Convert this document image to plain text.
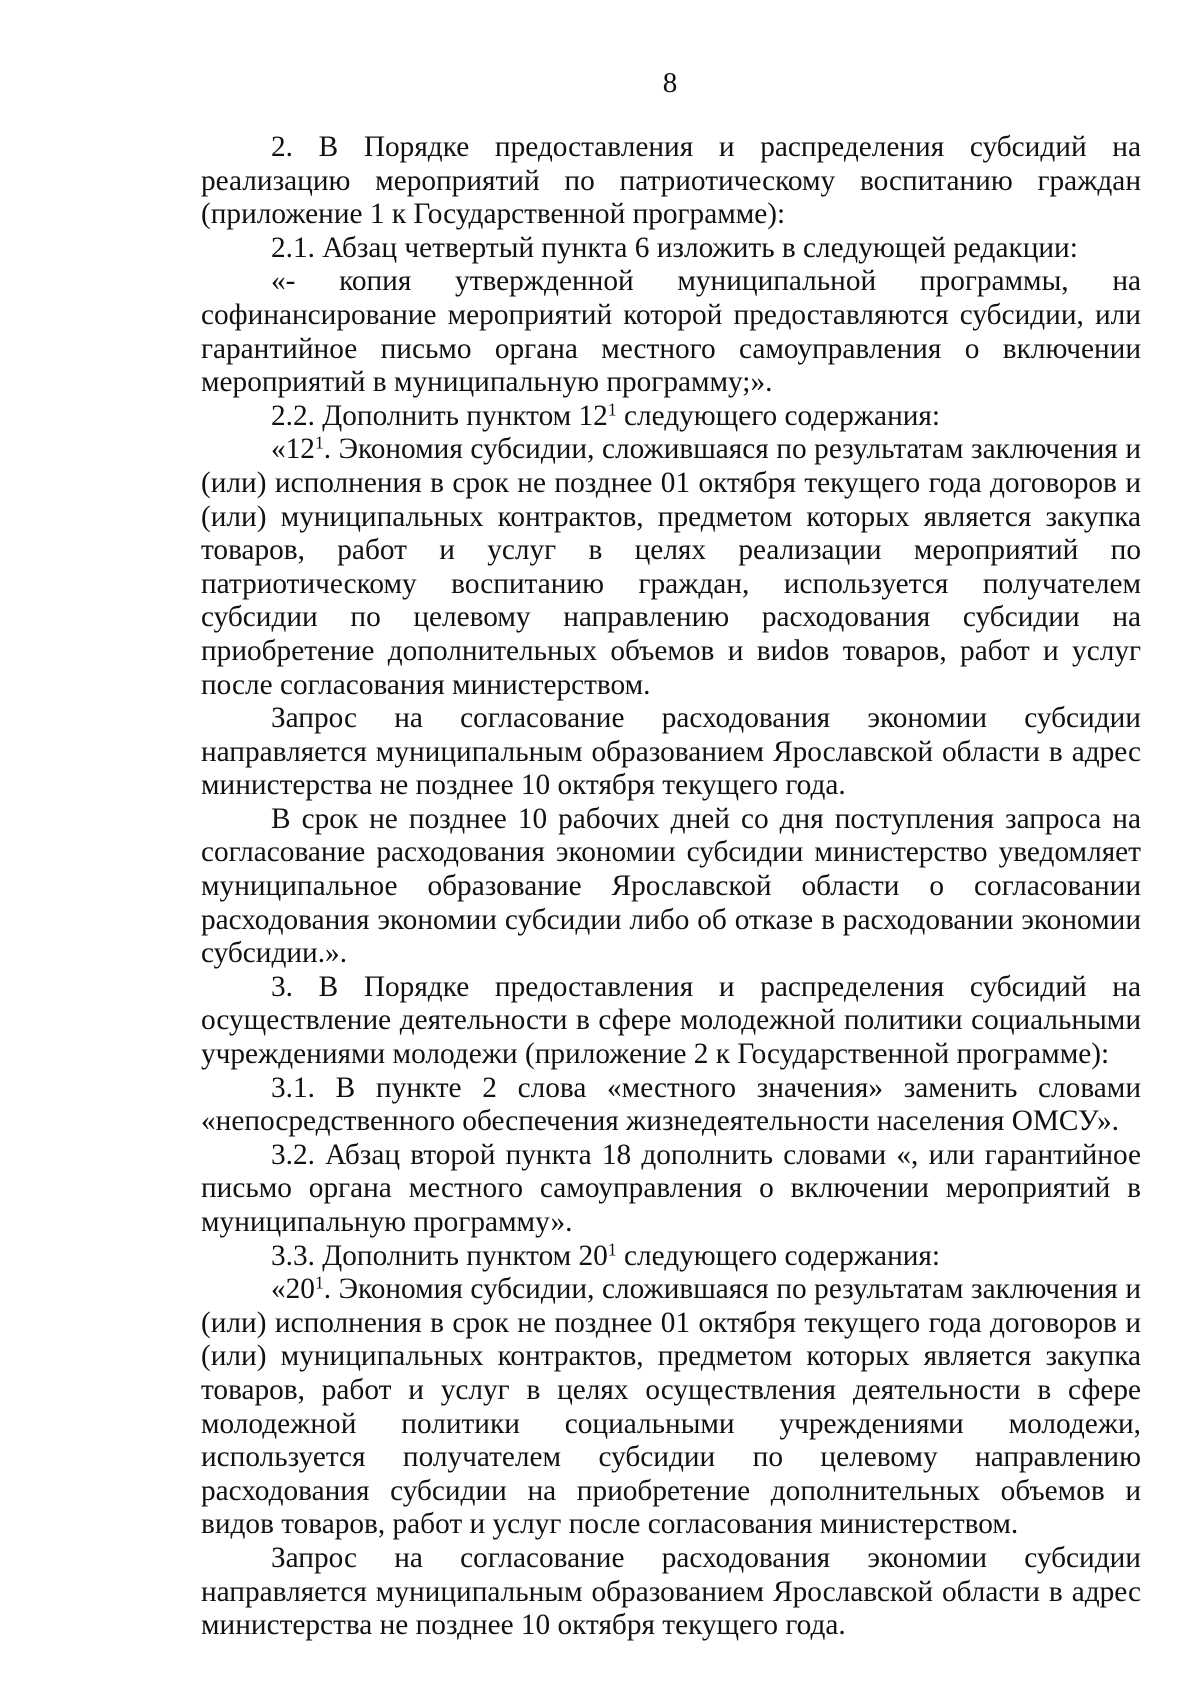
8

2. В Порядке предоставления и распределения субсидий на реализацию мероприятий по патриотическому воспитанию граждан (приложение 1 к Государственной программе):

2.1. Абзац четвертый пункта 6 изложить в следующей редакции:

«- копия утвержденной муниципальной программы, на софинансирование мероприятий которой предоставляются субсидии, или гарантийное письмо органа местного самоуправления о включении мероприятий в муниципальную программу;».

2.2. Дополнить пунктом $12^1$ следующего содержания:

«$12^1$. Экономия субсидии, сложившаяся по результатам заключения и (или) исполнения в срок не позднее 01 октября текущего года договоров и (или) муниципальных контрактов, предметом которых является закупка товаров, работ и услуг в целях реализации мероприятий по патриотическому воспитанию граждан, используется получателем субсидии по целевому направлению расходования субсидии на приобретение дополнительных объемов и виdов товаров, работ и услуг после согласования министерством.

Запрос на согласование расходования экономии субсидии направляется муниципальным образованием Ярославской области в адрес министерства не позднее 10 октября текущего года.

В срок не позднее 10 рабочих дней со дня поступления запроса на согласование расходования экономии субсидии министерство уведомляет муниципальное образование Ярославской области о согласовании расходования экономии субсидии либо об отказе в расходовании экономии субсидии.».

3. В Порядке предоставления и распределения субсидий на осуществление деятельности в сфере молодежной политики социальными учреждениями молодежи (приложение 2 к Государственной программе):

3.1. В пункте 2 слова «местного значения» заменить словами «непосредственного обеспечения жизнедеятельности населения ОМСУ».

3.2. Абзац второй пункта 18 дополнить словами «, или гарантийное письмо органа местного самоуправления о включении мероприятий в муниципальную программу».

3.3. Дополнить пунктом $20^1$ следующего содержания:

«$20^1$. Экономия субсидии, сложившаяся по результатам заключения и (или) исполнения в срок не позднее 01 октября текущего года договоров и (или) муниципальных контрактов, предметом которых является закупка товаров, работ и услуг в целях осуществления деятельности в сфере молодежной политики социальными учреждениями молодежи, используется получателем субсидии по целевому направлению расходования субсидии на приобретение дополнительных объемов и видов товаров, работ и услуг после согласования министерством.

Запрос на согласование расходования экономии субсидии направляется муниципальным образованием Ярославской области в адрес министерства не позднее 10 октября текущего года.
